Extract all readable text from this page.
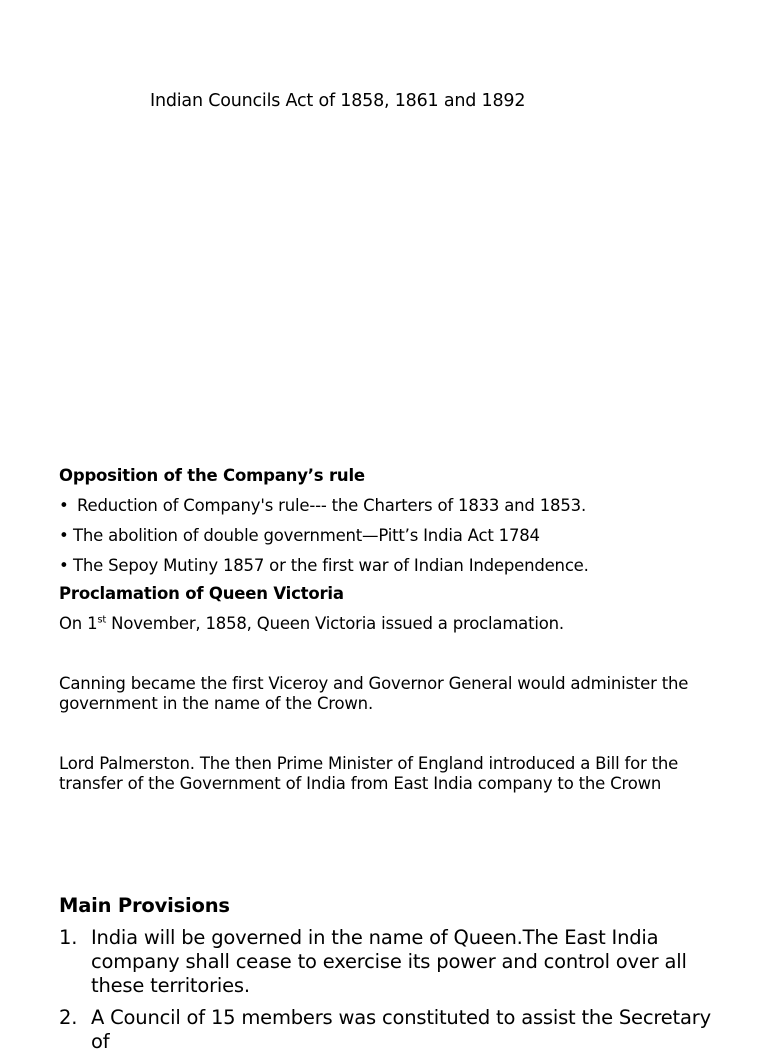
Indian Councils Act of 1858, 1861 and 1892
Opposition of the Company’s rule
• Reduction of Company's rule--- the Charters of 1833 and 1853.
• The abolition of double government—Pitt’s India Act 1784
• The Sepoy Mutiny 1857 or the first war of Indian Independence.
Proclamation of Queen Victoria
On 1st November, 1858, Queen Victoria issued a proclamation.
Canning became the first Viceroy and Governor General would administer the government in the name of the Crown.
Lord Palmerston. The then Prime Minister of England introduced a Bill for the transfer of the Government of India from East India company to the Crown
Main Provisions
1. India will be governed in the name of Queen.The East India company shall cease to exercise its power and control over all these territories.
2. A Council of 15 members was constituted to assist the Secretary of
